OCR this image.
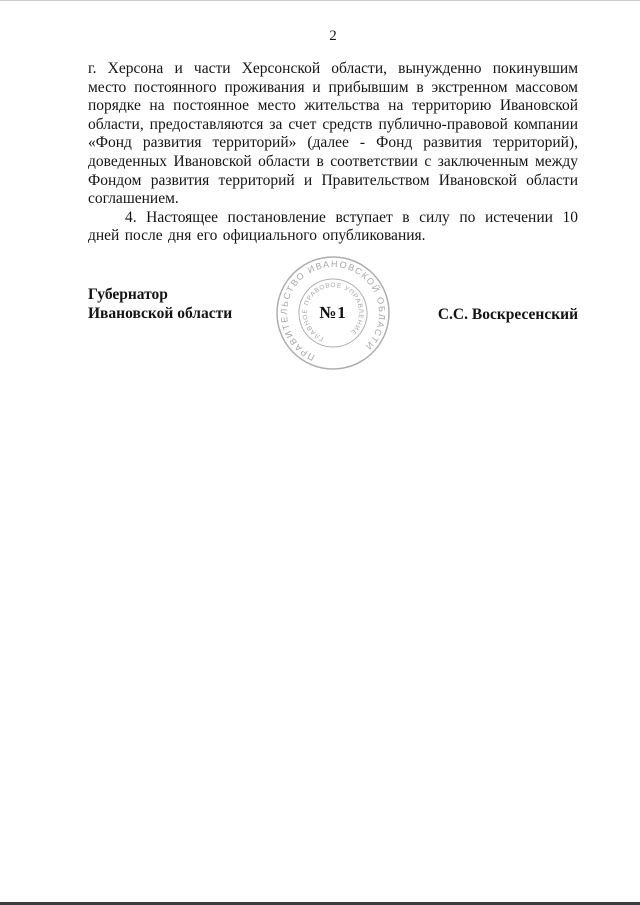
2

г. Херсона и части Херсонской области, вынужденно покинувшим место постоянного проживания и прибывшим в экстренном массовом порядке на постоянное место жительства на территорию Ивановской области, предоставляются за счет средств публично-правовой компании «Фонд развития территорий» (далее - Фонд развития территорий), доведенных Ивановской области в соответствии с заключенным между Фондом развития территорий и Правительством Ивановской области соглашением.

4. Настоящее постановление вступает в силу по истечении 10 дней после дня его официального опубликования.

Губернатор
Ивановской области
ПРАВИТЕЛЬСТВО ИВАНОВСКОЙ ОБЛАСТИ
ГЛАВНОЕ ПРАВОВОЕ УПРАВЛЕНИЕ
№1	С.С. Воскресенский
